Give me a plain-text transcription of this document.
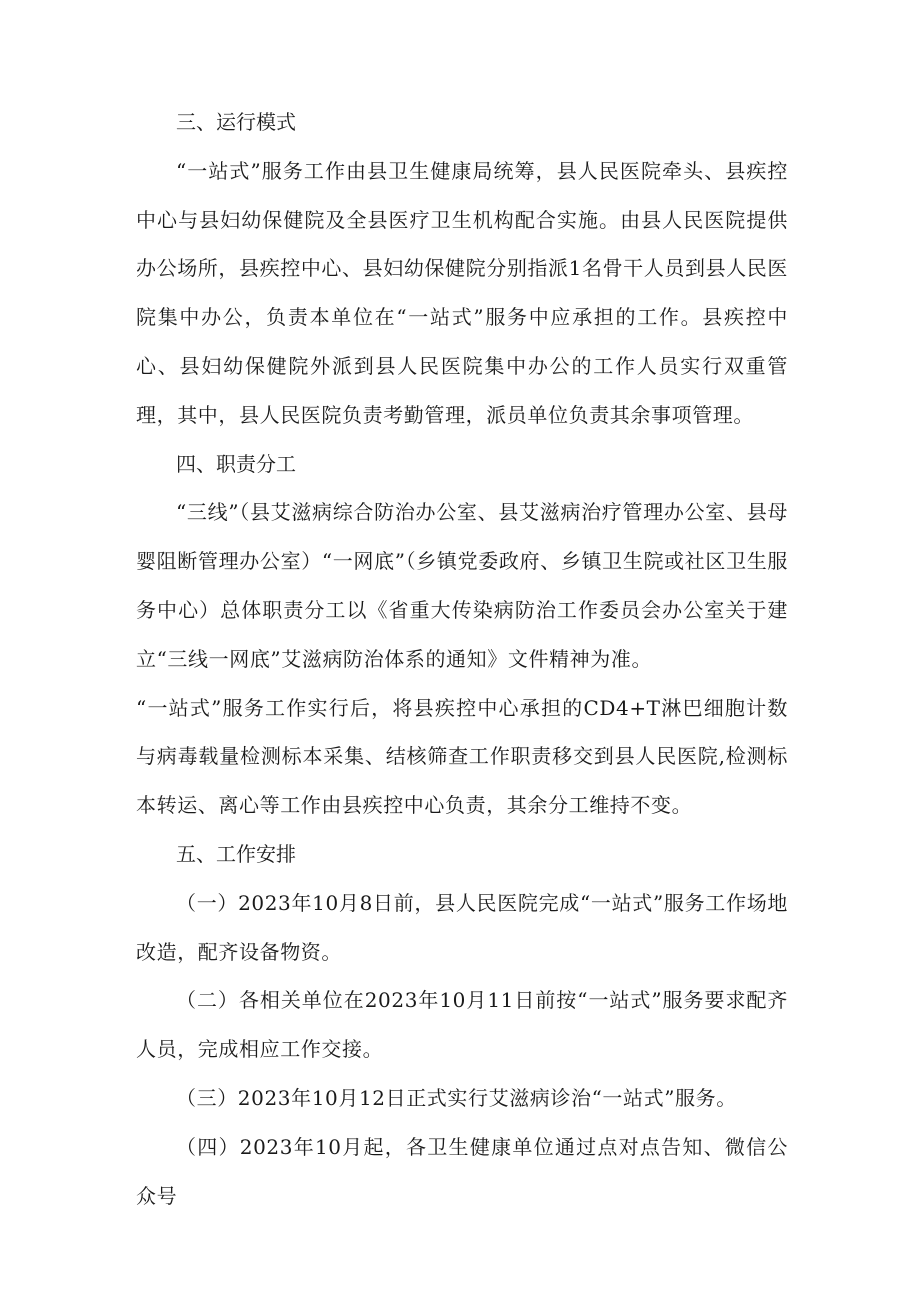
三、运行模式

“一站式”服务工作由县卫生健康局统筹，县人民医院牵头、县疾控中心与县妇幼保健院及全县医疗卫生机构配合实施。由县人民医院提供办公场所，县疾控中心、县妇幼保健院分别指派1名骨干人员到县人民医院集中办公，负责本单位在“一站式”服务中应承担的工作。县疾控中心、县妇幼保健院外派到县人民医院集中办公的工作人员实行双重管理，其中，县人民医院负责考勤管理，派员单位负责其余事项管理。

四、职责分工

“三线”（县艾滋病综合防治办公室、县艾滋病治疗管理办公室、县母婴阻断管理办公室）“一网底”（乡镇党委政府、乡镇卫生院或社区卫生服务中心）总体职责分工以《省重大传染病防治工作委员会办公室关于建立“三线一网底”艾滋病防治体系的通知》文件精神为准。

“一站式”服务工作实行后，将县疾控中心承担的CD4+T淋巴细胞计数与病毒载量检测标本采集、结核筛查工作职责移交到县人民医院,检测标本转运、离心等工作由县疾控中心负责，其余分工维持不变。

五、工作安排

（一）2023年10月8日前，县人民医院完成“一站式”服务工作场地改造，配齐设备物资。

（二）各相关单位在2023年10月11日前按“一站式”服务要求配齐人员，完成相应工作交接。

（三）2023年10月12日正式实行艾滋病诊治“一站式”服务。

（四）2023年10月起，各卫生健康单位通过点对点告知、微信公众号
